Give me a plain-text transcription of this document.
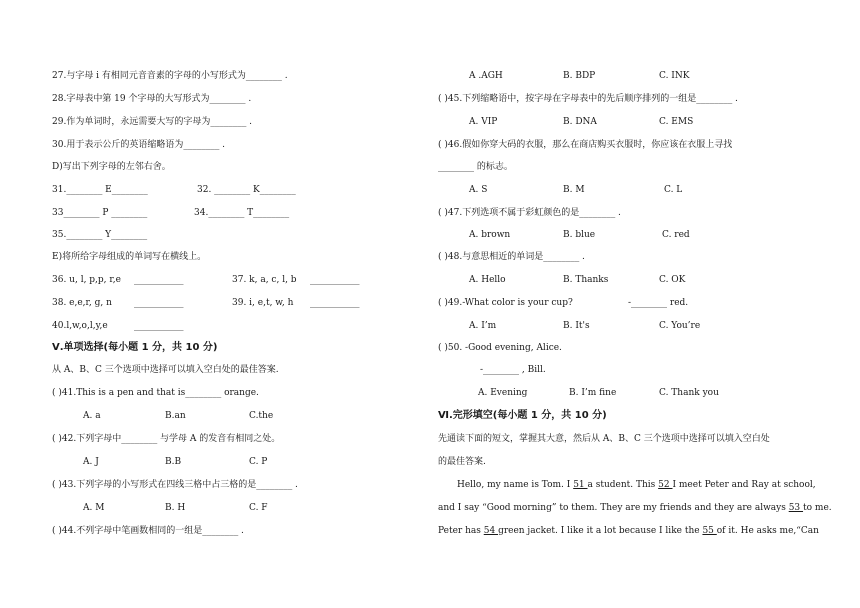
27.与字母 i 有相同元音音素的字母的小写形式为________ .
28.字母表中第 19 个字母的大写形式为________ .
29.作为单词时，永远需要大写的字母为________ .
30.用于表示公斤的英语缩略语为________ .
D)写出下列字母的左邻右舍。
31.________ E________	32. ________ K________
33________ P ________	34.________ T________
35.________ Y________
E)将所给字母组成的单词写在横线上。
36. u, l, p,p, r,e ___________	37. k, a, c, l, b ___________
38. e,e,r, g, n ___________	39. i, e,t, w, h ___________
40.l,w,o,l,y,e	___________
Ⅴ.单项选择(每小题 1 分，共 10 分)
从 A、B、C 三个选项中选择可以填入空白处的最佳答案.
( )41.This is a pen and that is________ orange.
A. a	B.an	C.the
( )42.下列字母中________ 与学母 A 的发音有相同之处。
A. J	B.B	C. P
( )43.下列字母的小写形式在四线三格中占三格的是________ .
A. M	B. H	C. F
( )44.不列字母中笔画数相同的一组是________ .
A .AGH	B. BDP	C. INK
( )45.下列缩略语中，按字母在字母表中的先后顺序排列的一组是________ .
A. VIP	B. DNA	C. EMS
( )46.假如你穿大码的衣服，那么在商店购买衣服时，你应该在衣服上寻找
________ 的标志。
A. S	B. M	C. L
( )47.下列选项不属于彩虹颜色的是________ .
A. brown	B. blue	C. red
( )48.与意思相近的单词是________ .
A. Hello	B. Thanks	C. OK
( )49.-What color is your cup?	-________ red.
A. I’m	B. It's	C. You’re
( )50. -Good evening, Alice.
-________ , Bill.
A. Evening	B. I’m fine	C. Thank you
Ⅵ.完形填空(每小题 1 分，共 10 分)
先通读下面的短文，掌握其大意，然后从 A、B、C 三个选项中选择可以填入空白处
的最佳答案.
Hello, my name is Tom. I 51 a student. This 52 I meet Peter and Ray at school,
and I say “Good morning” to them. They are my friends and they are always 53 to me.
Peter has 54 green jacket. I like it a lot because I like the 55 of it. He asks me,“Can
